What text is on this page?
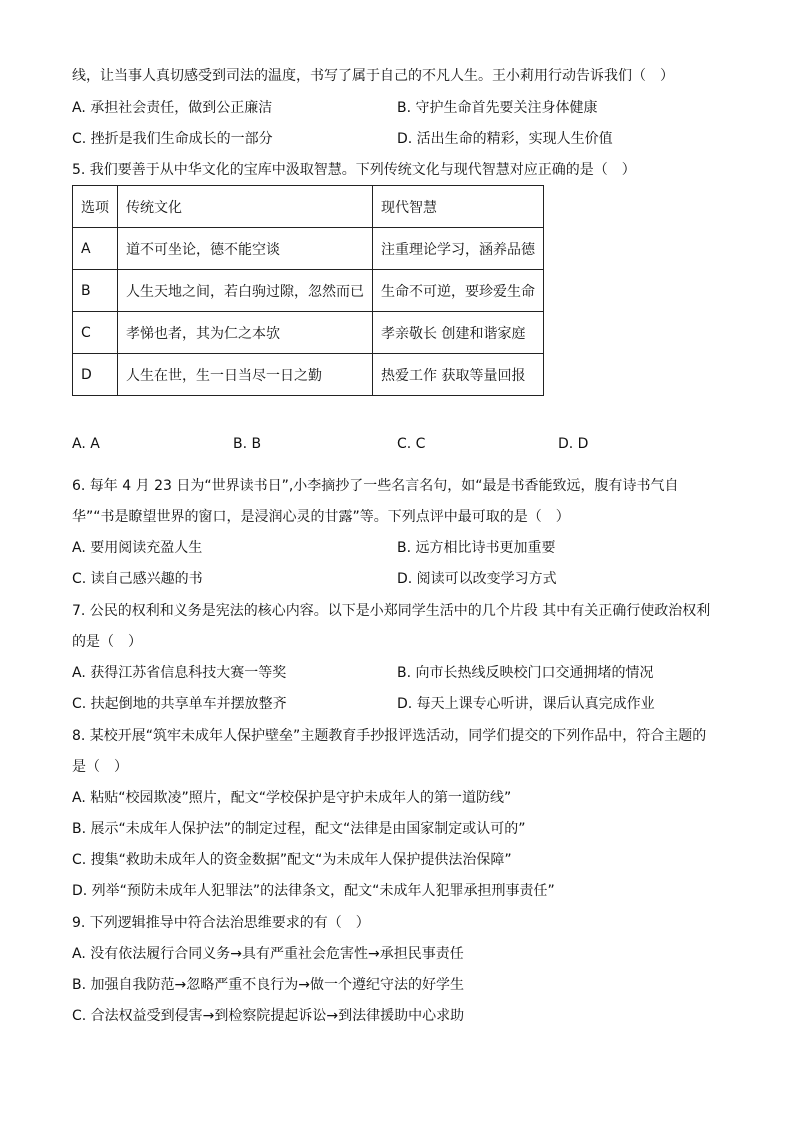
线，让当事人真切感受到司法的温度，书写了属于自己的不凡人生。王小莉用行动告诉我们（　）
A. 承担社会责任，做到公正廉洁	B. 守护生命首先要关注身体健康
C. 挫折是我们生命成长的一部分	D. 活出生命的精彩，实现人生价值
5. 我们要善于从中华文化的宝库中汲取智慧。下列传统文化与现代智慧对应正确的是（　）
选项	传统文化	现代智慧
A	道不可坐论，德不能空谈	注重理论学习，涵养品德
B	人生天地之间，若白驹过隙，忽然而已	生命不可逆，要珍爱生命
C	孝悌也者，其为仁之本欤	孝亲敬长 创建和谐家庭
D	人生在世，生一日当尽一日之勤	热爱工作 获取等量回报
A. A	B. B	C. C	D. D
6. 每年 4 月 23 日为“世界读书日”,小李摘抄了一些名言名句，如“最是书香能致远，腹有诗书气自
华”“书是瞭望世界的窗口，是浸润心灵的甘露”等。下列点评中最可取的是（　）
A. 要用阅读充盈人生	B. 远方相比诗书更加重要
C. 读自己感兴趣的书	D. 阅读可以改变学习方式
7. 公民的权利和义务是宪法的核心内容。以下是小郑同学生活中的几个片段 其中有关正确行使政治权利
的是（　）
A. 获得江苏省信息科技大赛一等奖	B. 向市长热线反映校门口交通拥堵的情况
C. 扶起倒地的共享单车并摆放整齐	D. 每天上课专心听讲，课后认真完成作业
8. 某校开展“筑牢未成年人保护壁垒”主题教育手抄报评选活动，同学们提交的下列作品中，符合主题的
是（　）
A. 粘贴“校园欺凌”照片，配文“学校保护是守护未成年人的第一道防线”
B. 展示“未成年人保护法”的制定过程，配文“法律是由国家制定或认可的”
C. 搜集“救助未成年人的资金数据”配文“为未成年人保护提供法治保障”
D. 列举“预防未成年人犯罪法”的法律条文，配文“未成年人犯罪承担刑事责任”
9. 下列逻辑推导中符合法治思维要求的有（　）
A. 没有依法履行合同义务→具有严重社会危害性→承担民事责任
B. 加强自我防范→忽略严重不良行为→做一个遵纪守法的好学生
C. 合法权益受到侵害→到检察院提起诉讼→到法律援助中心求助
